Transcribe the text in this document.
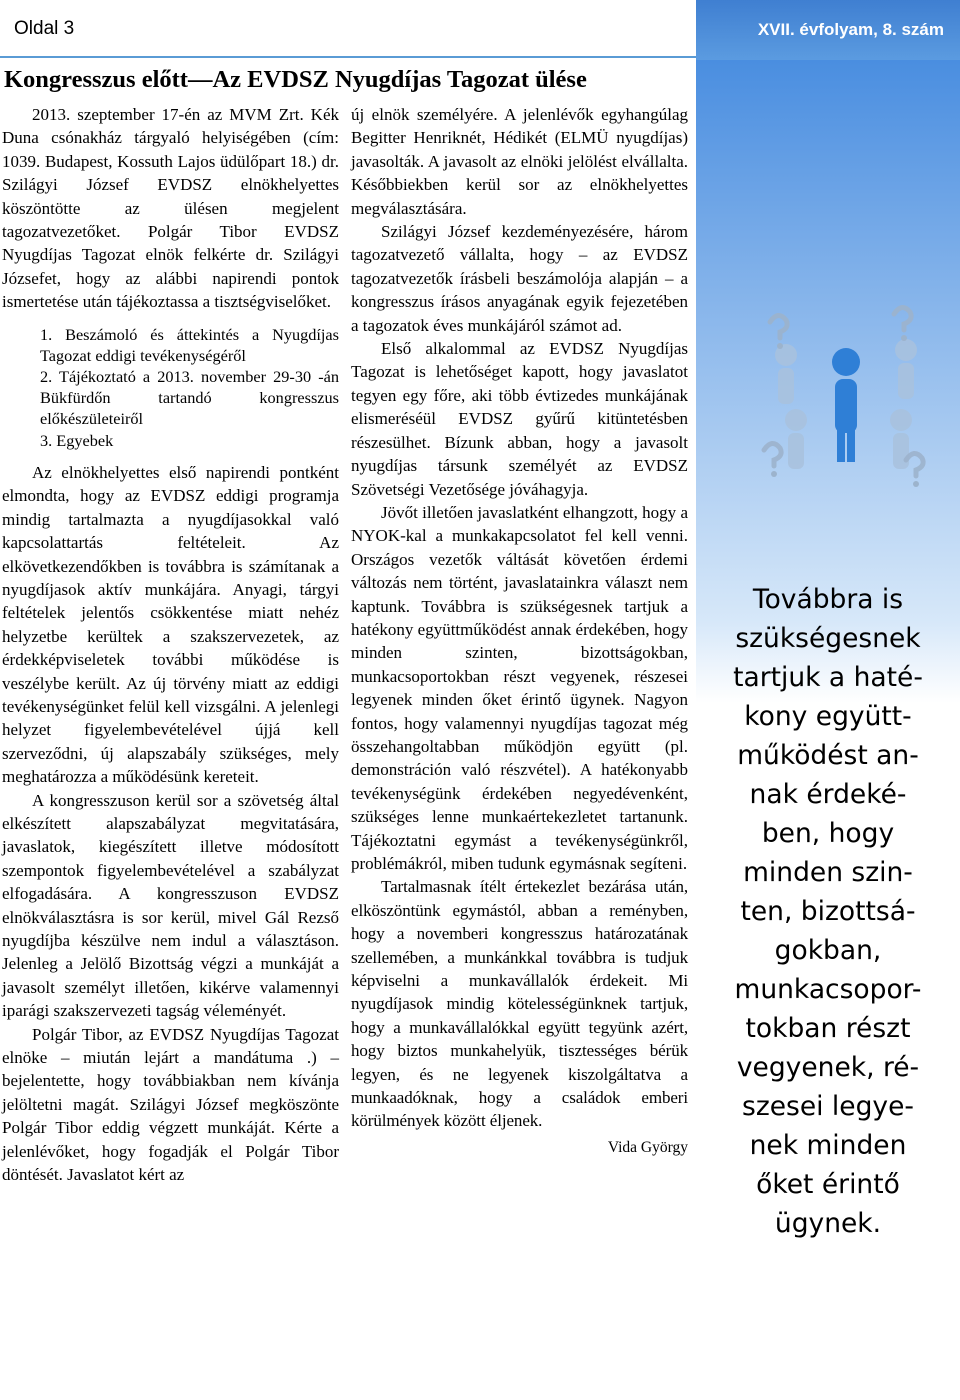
Oldal 3	XVII. évfolyam, 8. szám
Kongresszus előtt—Az EVDSZ Nyugdíjas Tagozat ülése

2013. szeptember 17-én az MVM Zrt. Kék Duna csónakház tárgyaló helyiségében (cím: 1039. Budapest, Kossuth Lajos üdülőpart 18.) dr. Szilágyi József EVDSZ elnökhelyettes köszöntötte az ülésen megjelent tagozatvezetőket. Polgár Tibor EVDSZ Nyugdíjas Tagozat elnök felkérte dr. Szilágyi Józsefet, hogy az alábbi napirendi pontok ismertetése után tájékoztassa a tisztségviselőket.

1. Beszámoló és áttekintés a Nyugdíjas Tagozat eddigi tevékenységéről
2. Tájékoztató a 2013. november 29-30 -án Bükfürdőn tartandó kongresszus előkészületeiről
3. Egyebek

Az elnökhelyettes első napirendi pontként elmondta, hogy az EVDSZ eddigi programja mindig tartalmazta a nyugdíjasokkal való kapcsolattartás feltételeit. Az elkövetkezendőkben is továbbra is számítanak a nyugdíjasok aktív munkájára. Anyagi, tárgyi feltételek jelentős csökkentése miatt nehéz helyzetbe kerültek a szakszervezetek, az érdekképviseletek további működése is veszélybe került. Az új törvény miatt az eddigi tevékenységünket felül kell vizsgálni. A jelenlegi helyzet figyelembevételével újjá kell szerveződni, új alapszabály szükséges, mely meghatározza a működésünk kereteit.

A kongresszuson kerül sor a szövetség által elkészített alapszabályzat megvitatására, javaslatok, kiegészített illetve módosított szempontok figyelembevételével a szabályzat elfogadására. A kongresszuson EVDSZ elnökválasztásra is sor kerül, mivel Gál Rezső nyugdíjba készülve nem indul a választáson. Jelenleg a Jelölő Bizottság végzi a munkáját a javasolt személyt illetően, kikérve valamennyi iparági szakszervezeti tagság véleményét.

Polgár Tibor, az EVDSZ Nyugdíjas Tagozat elnöke – miután lejárt a mandátuma .) – bejelentette, hogy továbbiakban nem kívánja jelöltetni magát. Szilágyi József megköszönte Polgár Tibor eddig végzett munkáját. Kérte a jelenlévőket, hogy fogadják el Polgár Tibor döntését. Javaslatot kért az

új elnök személyére. A jelenlévők egyhangúlag Begitter Henriknét, Hédikét (ELMÜ nyugdíjas) javasolták. A javasolt az elnöki jelölést elvállalta. Későbbiekben kerül sor az elnökhelyettes megválasztására.

Szilágyi József kezdeményezésére, három tagozatvezető vállalta, hogy – az EVDSZ tagozatvezetők írásbeli beszámolója alapján – a kongresszus írásos anyagának egyik fejezetében a tagozatok éves munkájáról számot ad.

Első alkalommal az EVDSZ Nyugdíjas Tagozat is lehetőséget kapott, hogy javaslatot tegyen egy főre, aki több évtizedes munkájának elismeréséül EVDSZ gyűrű kitüntetésben részesülhet. Bízunk abban, hogy a javasolt nyugdíjas társunk személyét az EVDSZ Szövetségi Vezetősége jóváhagyja.

Jövőt illetően javaslatként elhangzott, hogy a NYOK-kal a munkakapcsolatot fel kell venni. Országos vezetők váltását követően érdemi változás nem történt, javaslatainkra választ nem kaptunk. Továbbra is szükségesnek tartjuk a hatékony együttműködést annak érdekében, hogy minden szinten, bizottságokban, munkacsoportokban részt vegyenek, részesei legyenek minden őket érintő ügynek. Nagyon fontos, hogy valamennyi nyugdíjas tagozat még összehangoltabban működjön együtt (pl. demonstráción való részvétel). A hatékonyabb tevékenységünk érdekében negyedévenként, szükséges lenne munkaértekezletet tartanunk. Tájékoztatni egymást a tevékenységünkről, problémákról, miben tudunk egymásnak segíteni.

Tartalmasnak ítélt értekezlet bezárása után, elköszöntünk egymástól, abban a reményben, hogy a novemberi kongresszus határozatának szellemében, a munkánkkal továbbra is tudjuk képviselni a munkavállalók érdekeit. Mi nyugdíjasok mindig kötelességünknek tartjuk, hogy a munkavállalókkal együtt tegyünk azért, hogy biztos munkahelyük, tisztességes bérük legyen, és ne legyenek kiszolgáltatva a munkaadóknak, hogy a családok emberi körülmények között éljenek.

Vida György
Továbbra is
szükségesnek
tartjuk a haté-
kony együtt-
működést an-
nak érdeké-
ben, hogy
minden szin-
ten, bizottsá-
gokban,
munkacsopor-
tokban részt
vegyenek, ré-
szesei legye-
nek minden
őket érintő
ügynek.
